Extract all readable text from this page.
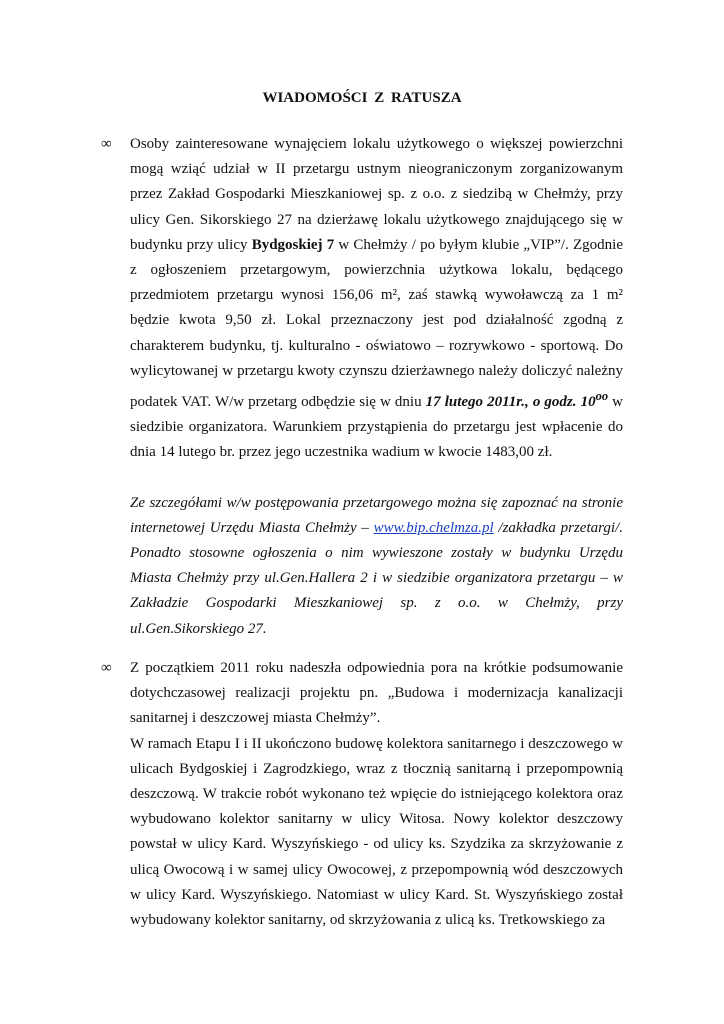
WIADOMOŚCI Z RATUSZA
∞	Osoby zainteresowane wynajęciem lokalu użytkowego o większej powierzchni mogą wziąć udział w II przetargu ustnym nieograniczonym zorganizowanym przez Zakład Gospodarki Mieszkaniowej sp. z o.o. z siedzibą w Chełmży, przy ulicy Gen. Sikorskiego 27 na dzierżawę lokalu użytkowego znajdującego się w budynku przy ulicy Bydgoskiej 7 w Chełmży / po byłym klubie „VIP”/. Zgodnie z ogłoszeniem przetargowym, powierzchnia użytkowa lokalu, będącego przedmiotem przetargu wynosi 156,06 m², zaś stawką wywoławczą za 1 m² będzie kwota 9,50 zł. Lokal przeznaczony jest pod działalność zgodną z charakterem budynku, tj. kulturalno - oświatowo – rozrywkowo - sportową. Do wylicytowanej w przetargu kwoty czynszu dzierżawnego należy doliczyć należny podatek VAT. W/w przetarg odbędzie się w dniu 17 lutego 2011r., o godz. $10^{oo}$ w siedzibie organizatora. Warunkiem przystąpienia do przetargu jest wpłacenie do dnia 14 lutego br. przez jego uczestnika wadium w kwocie 1483,00 zł.

Ze szczegółami w/w postępowania przetargowego można się zapoznać na stronie internetowej Urzędu Miasta Chełmży – www.bip.chelmza.pl /zakładka przetargi/. Ponadto stosowne ogłoszenia o nim wywieszone zostały w budynku Urzędu Miasta Chełmży przy ul.Gen.Hallera 2 i w siedzibie organizatora przetargu – w Zakładzie Gospodarki Mieszkaniowej sp. z o.o. w Chełmży, przy ul.Gen.Sikorskiego 27.

∞	Z początkiem 2011 roku nadeszła odpowiednia pora na krótkie podsumowanie dotychczasowej realizacji projektu pn. „Budowa i modernizacja kanalizacji sanitarnej i deszczowej miasta Chełmży”.

W ramach Etapu I i II ukończono budowę kolektora sanitarnego i deszczowego w ulicach Bydgoskiej i Zagrodzkiego, wraz z tłocznią sanitarną i przepompownią deszczową. W trakcie robót wykonano też wpięcie do istniejącego kolektora oraz wybudowano kolektor sanitarny w ulicy Witosa. Nowy kolektor deszczowy powstał w ulicy Kard. Wyszyńskiego - od ulicy ks. Szydzika za skrzyżowanie z ulicą Owocową i w samej ulicy Owocowej, z przepompownią wód deszczowych w ulicy Kard. Wyszyńskiego. Natomiast w ulicy Kard. St. Wyszyńskiego został wybudowany kolektor sanitarny, od skrzyżowania z ulicą ks. Tretkowskiego za
